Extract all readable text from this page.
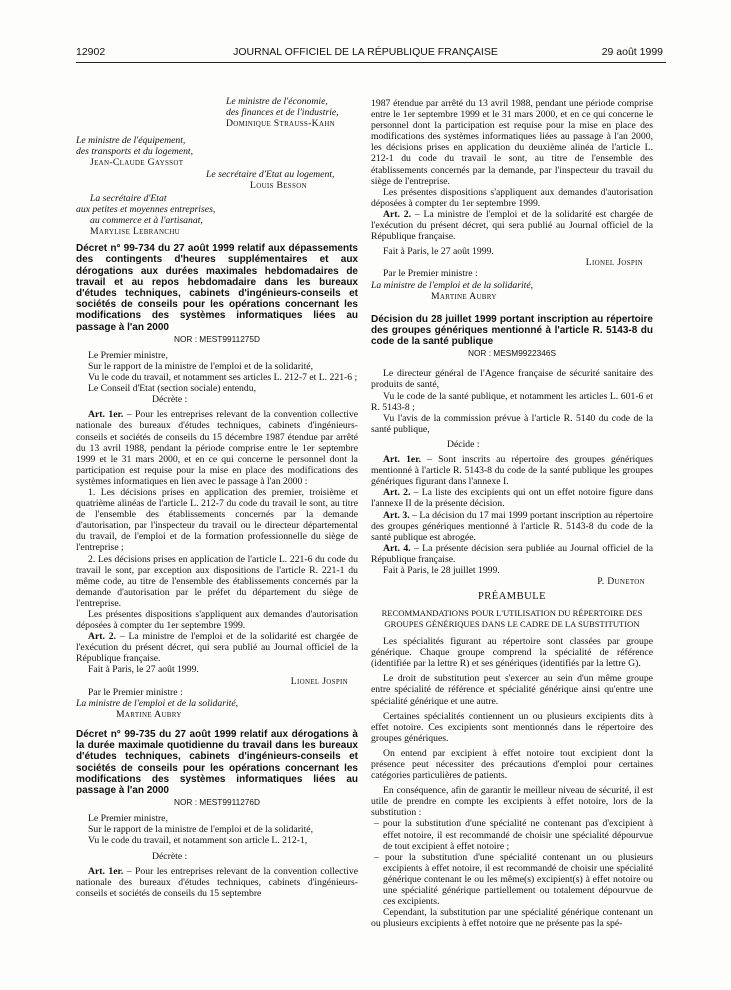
12902	JOURNAL OFFICIEL DE LA RÉPUBLIQUE FRANÇAISE	29 août 1999

Le ministre de l'économie,

des finances et de l'industrie,

Dominique Strauss-Kahn

Le ministre de l'équipement,

des transports et du logement,

Jean-Claude Gayssot

Le secrétaire d'Etat au logement,

Louis Besson

La secrétaire d'Etat

aux petites et moyennes entreprises,

au commerce et à l'artisanat,

Marylise Lebranchu

Décret n° 99-734 du 27 août 1999 relatif aux dépassements des contingents d'heures supplémentaires et aux dérogations aux durées maximales hebdomadaires de travail et au repos hebdomadaire dans les bureaux d'études techniques, cabinets d'ingénieurs-conseils et sociétés de conseils pour les opérations concernant les modifications des systèmes informatiques liées au passage à l'an 2000

NOR : MESТ9911275D

Le Premier ministre,

Sur le rapport de la ministre de l'emploi et de la solidarité,

Vu le code du travail, et notamment ses articles L. 212-7 et L. 221-6 ;

Le Conseil d'Etat (section sociale) entendu,

Décrète :

Art. 1er. – Pour les entreprises relevant de la convention collective nationale des bureaux d'études techniques, cabinets d'ingénieurs-conseils et sociétés de conseils du 15 décembre 1987 étendue par arrêté du 13 avril 1988, pendant la période comprise entre le 1er septembre 1999 et le 31 mars 2000, et en ce qui concerne le personnel dont la participation est requise pour la mise en place des modifications des systèmes informatiques en lien avec le passage à l'an 2000 :

1. Les décisions prises en application des premier, troisième et quatrième alinéas de l'article L. 212-7 du code du travail le sont, au titre de l'ensemble des établissements concernés par la demande d'autorisation, par l'inspecteur du travail ou le directeur départemental du travail, de l'emploi et de la formation professionnelle du siège de l'entreprise ;

2. Les décisions prises en application de l'article L. 221-6 du code du travail le sont, par exception aux dispositions de l'article R. 221-1 du même code, au titre de l'ensemble des établissements concernés par la demande d'autorisation par le préfet du département du siège de l'entreprise.

Les présentes dispositions s'appliquent aux demandes d'autorisation déposées à compter du 1er septembre 1999.

Art. 2. – La ministre de l'emploi et de la solidarité est chargée de l'exécution du présent décret, qui sera publié au Journal officiel de la République française.

Fait à Paris, le 27 août 1999.

Lionel Jospin

Par le Premier ministre :

La ministre de l'emploi et de la solidarité,

Martine Aubry

Décret n° 99-735 du 27 août 1999 relatif aux dérogations à la durée maximale quotidienne du travail dans les bureaux d'études techniques, cabinets d'ingénieurs-conseils et sociétés de conseils pour les opérations concernant les modifications des systèmes informatiques liées au passage à l'an 2000

NOR : MESТ9911276D

Le Premier ministre,

Sur le rapport de la ministre de l'emploi et de la solidarité,

Vu le code du travail, et notamment son article L. 212-1,

Décrète :

Art. 1er. – Pour les entreprises relevant de la convention collective nationale des bureaux d'études techniques, cabinets d'ingénieurs-conseils et sociétés de conseils du 15 septembre

1987 étendue par arrêté du 13 avril 1988, pendant une période comprise entre le 1er septembre 1999 et le 31 mars 2000, et en ce qui concerne le personnel dont la participation est requise pour la mise en place des modifications des systèmes informatiques liées au passage à l'an 2000, les décisions prises en application du deuxième alinéa de l'article L. 212-1 du code du travail le sont, au titre de l'ensemble des établissements concernés par la demande, par l'inspecteur du travail du siège de l'entreprise.

Les présentes dispositions s'appliquent aux demandes d'autorisation déposées à compter du 1er septembre 1999.

Art. 2. – La ministre de l'emploi et de la solidarité est chargée de l'exécution du présent décret, qui sera publié au Journal officiel de la République française.

Fait à Paris, le 27 août 1999.

Lionel Jospin

Par le Premier ministre :

La ministre de l'emploi et de la solidarité,

Martine Aubry

Décision du 28 juillet 1999 portant inscription au répertoire des groupes génériques mentionné à l'article R. 5143-8 du code de la santé publique

NOR : MESM9922346S

Le directeur général de l'Agence française de sécurité sanitaire des produits de santé,

Vu le code de la santé publique, et notamment les articles L. 601-6 et R. 5143-8 ;

Vu l'avis de la commission prévue à l'article R. 5140 du code de la santé publique,

Décide :

Art. 1er. – Sont inscrits au répertoire des groupes génériques mentionné à l'article R. 5143-8 du code de la santé publique les groupes génériques figurant dans l'annexe I.

Art. 2. – La liste des excipients qui ont un effet notoire figure dans l'annexe II de la présente décision.

Art. 3. – La décision du 17 mai 1999 portant inscription au répertoire des groupes génériques mentionné à l'article R. 5143-8 du code de la santé publique est abrogée.

Art. 4. – La présente décision sera publiée au Journal officiel de la République française.

Fait à Paris, le 28 juillet 1999.

P. Duneton

PRÉAMBULE

RECOMMANDATIONS POUR L'UTILISATION DU RÉPERTOIRE DES GROUPES GÉNÉRIQUES DANS LE CADRE DE LA SUBSTITUTION

Les spécialités figurant au répertoire sont classées par groupe générique. Chaque groupe comprend la spécialité de référence (identifiée par la lettre R) et ses génériques (identifiés par la lettre G).

Le droit de substitution peut s'exercer au sein d'un même groupe entre spécialité de référence et spécialité générique ainsi qu'entre une spécialité générique et une autre.

Certaines spécialités contiennent un ou plusieurs excipients dits à effet notoire. Ces excipients sont mentionnés dans le répertoire des groupes génériques.

On entend par excipient à effet notoire tout excipient dont la présence peut nécessiter des précautions d'emploi pour certaines catégories particulières de patients.

En conséquence, afin de garantir le meilleur niveau de sécurité, il est utile de prendre en compte les excipients à effet notoire, lors de la substitution :

– pour la substitution d'une spécialité ne contenant pas d'excipient à effet notoire, il est recommandé de choisir une spécialité dépourvue de tout excipient à effet notoire ;

– pour la substitution d'une spécialité contenant un ou plusieurs excipients à effet notoire, il est recommandé de choisir une spécialité générique contenant le ou les même(s) excipient(s) à effet notoire ou une spécialité générique partiellement ou totalement dépourvue de ces excipients.

Cependant, la substitution par une spécialité générique contenant un ou plusieurs excipients à effet notoire que ne présente pas la spé-
